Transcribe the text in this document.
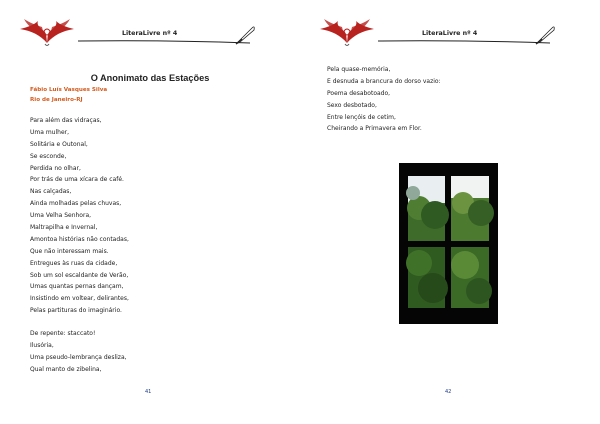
LiteraLivre nº 4
O Anonimato das Estações
Fábio Luís Vasques Silva
Rio de Janeiro-RJ
Para além das vidraças,
Uma mulher,
Solitária e Outonal,
Se esconde,
Perdida no olhar,
Por trás de uma xícara de café.
Nas calçadas,
Ainda molhadas pelas chuvas,
Uma Velha Senhora,
Maltrapilha e Invernal,
Amontoa histórias não contadas,
Que não interessam mais.
Entregues às ruas da cidade,
Sob um sol escaldante de Verão,
Umas quantas pernas dançam,
Insistindo em voltear, delirantes,
Pelas partituras do imaginário.
De repente: staccato!
Ilusória,
Uma pseudo-lembrança desliza,
Qual manto de zibelina,
41
LiteraLivre nº 4
Pela quase-memória,
E desnuda a brancura do dorso vazio:
Poema desabotoado,
Sexo desbotado,
Entre lençóis de cetim,
Cheirando a Primavera em Flor.
42
